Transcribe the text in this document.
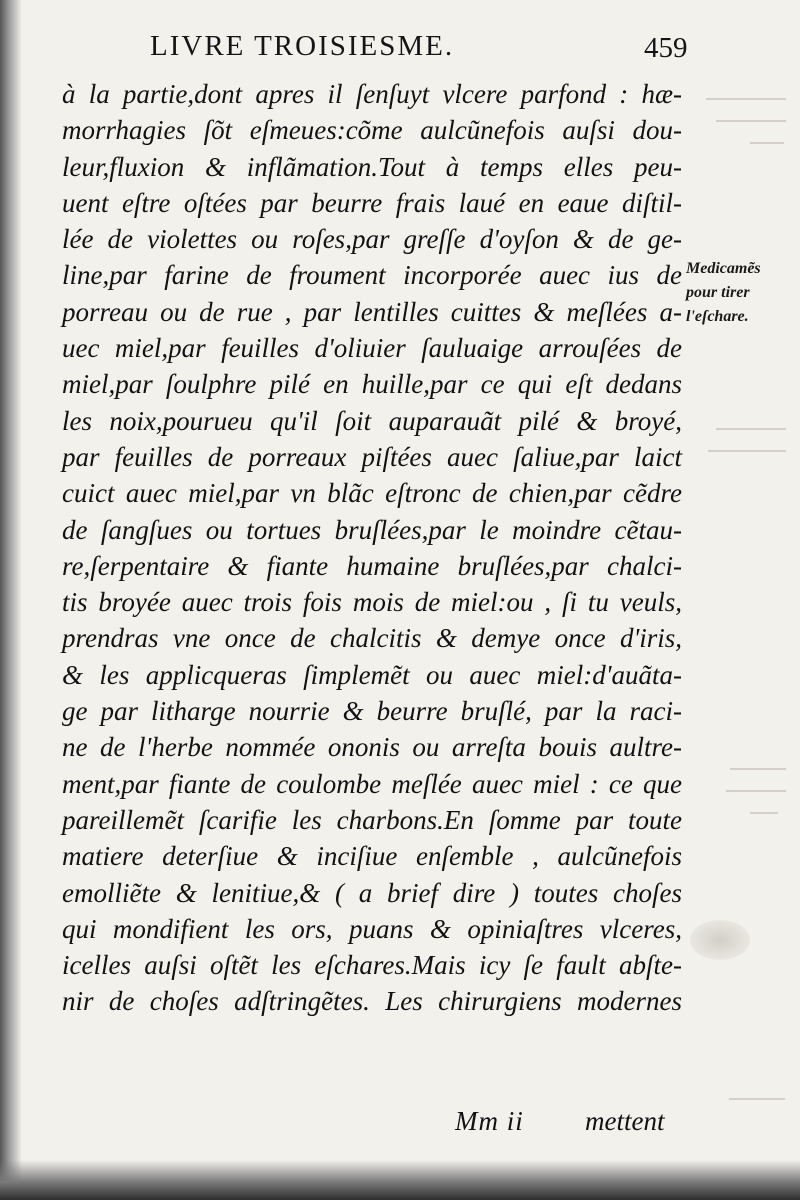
LIVRE TROISIESME.	459
à la partie,dont apres il ſenſuyt vlcere parfond : hæ-
morrhagies ſõt eſmeues:cõme aulcũnefois auſsi dou-
leur,fluxion & inflãmation.Tout à temps elles peu-
uent eſtre oſtées par beurre frais laué en eaue diſtil-
lée de violettes ou roſes,par greſſe d'oyſon & de ge-
line,par farine de froument incorporée auec ius de
porreau ou de rue , par lentilles cuittes & meſlées a-
uec miel,par feuilles d'oliuier ſauluaige arrouſées de
miel,par ſoulphre pilé en huille,par ce qui eſt dedans
les noix,pourueu qu'il ſoit auparauãt pilé & broyé,
par feuilles de porreaux piſtées auec ſaliue,par laict
cuict auec miel,par vn blãc eſtronc de chien,par cẽdre
de ſangſues ou tortues bruſlées,par le moindre cẽtau-
re,ſerpentaire & fiante humaine bruſlées,par chalci-
tis broyée auec trois fois mois de miel:ou , ſi tu veuls,
prendras vne once de chalcitis & demye once d'iris,
& les applicqueras ſimplemẽt ou auec miel:d'auãta-
ge par litharge nourrie & beurre bruſlé, par la raci-
ne de l'herbe nommée ononis ou arreſta bouis aultre-
ment,par fiante de coulombe meſlée auec miel : ce que
pareillemẽt ſcarifie les charbons.En ſomme par toute
matiere deterſiue & inciſiue enſemble , aulcũnefois
emolliẽte & lenitiue,& ( a brief dire ) toutes choſes
qui mondifient les ors, puans & opiniaſtres vlceres,
icelles auſsi oſtẽt les eſchares.Mais icy ſe fault abſte-
nir de choſes adſtringẽtes. Les chirurgiens modernes
Medicamẽs
pour tirer
l'eſchare.
Mm ii mettent
